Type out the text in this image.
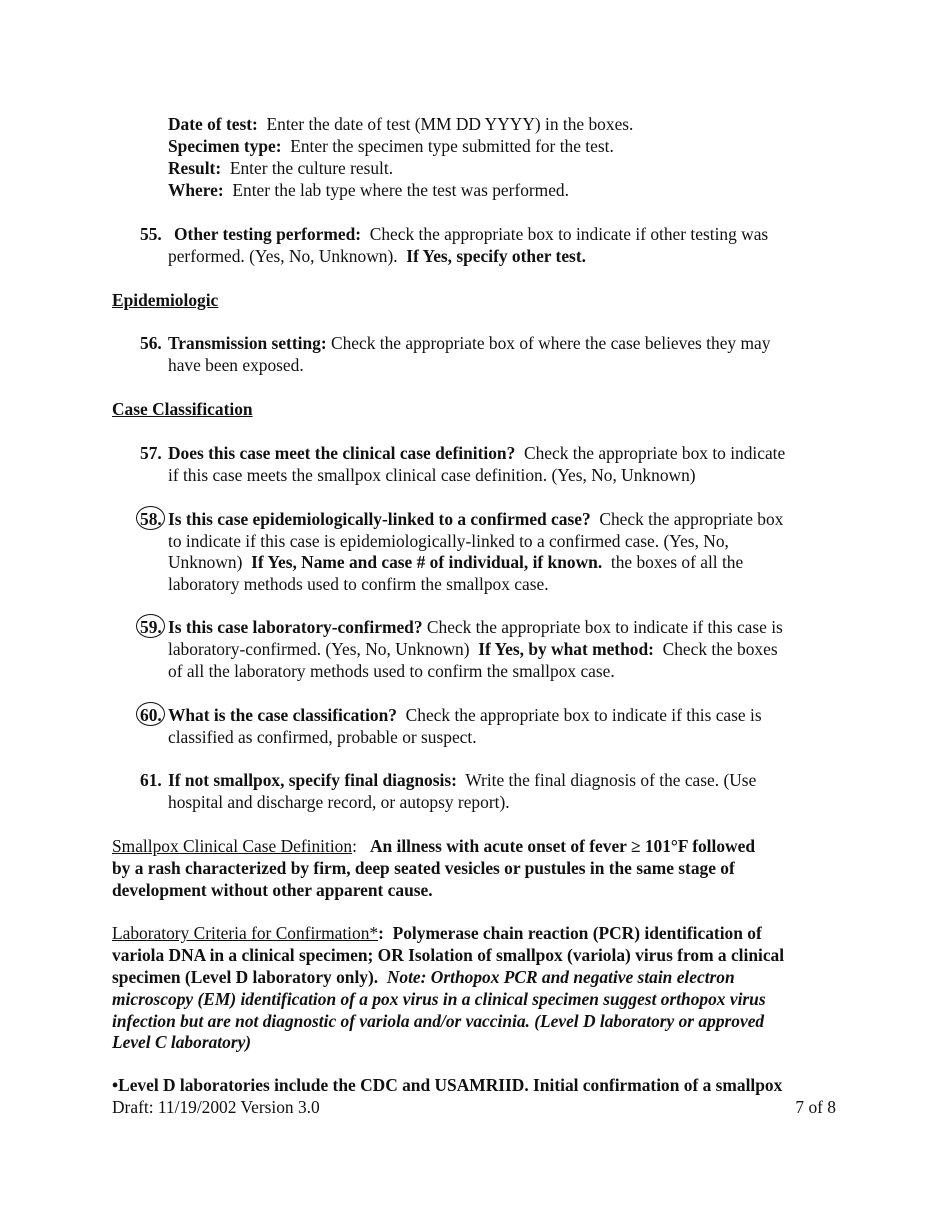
Date of test: Enter the date of test (MM DD YYYY) in the boxes.
Specimen type: Enter the specimen type submitted for the test.
Result: Enter the culture result.
Where: Enter the lab type where the test was performed.
55. Other testing performed: Check the appropriate box to indicate if other testing was
performed. (Yes, No, Unknown). If Yes, specify other test.
Epidemiologic
56. Transmission setting: Check the appropriate box of where the case believes they may
have been exposed.
Case Classification
57. Does this case meet the clinical case definition? Check the appropriate box to indicate
if this case meets the smallpox clinical case definition. (Yes, No, Unknown)
58. Is this case epidemiologically-linked to a confirmed case? Check the appropriate box
to indicate if this case is epidemiologically-linked to a confirmed case. (Yes, No,
Unknown) If Yes, Name and case # of individual, if known. the boxes of all the
laboratory methods used to confirm the smallpox case.
59. Is this case laboratory-confirmed? Check the appropriate box to indicate if this case is
laboratory-confirmed. (Yes, No, Unknown) If Yes, by what method: Check the boxes
of all the laboratory methods used to confirm the smallpox case.
60. What is the case classification? Check the appropriate box to indicate if this case is
classified as confirmed, probable or suspect.
61. If not smallpox, specify final diagnosis: Write the final diagnosis of the case. (Use
hospital and discharge record, or autopsy report).
Smallpox Clinical Case Definition:   An illness with acute onset of fever ≥ 101°F followed
by a rash characterized by firm, deep seated vesicles or pustules in the same stage of
development without other apparent cause.
Laboratory Criteria for Confirmation*: Polymerase chain reaction (PCR) identification of
variola DNA in a clinical specimen; OR Isolation of smallpox (variola) virus from a clinical
specimen (Level D laboratory only). Note: Orthopox PCR and negative stain electron
microscopy (EM) identification of a pox virus in a clinical specimen suggest orthopox virus
infection but are not diagnostic of variola and/or vaccinia. (Level D laboratory or approved
Level C laboratory)
•Level D laboratories include the CDC and USAMRIID. Initial confirmation of a smallpox
Draft: 11/19/2002 Version 3.0	7 of 8
